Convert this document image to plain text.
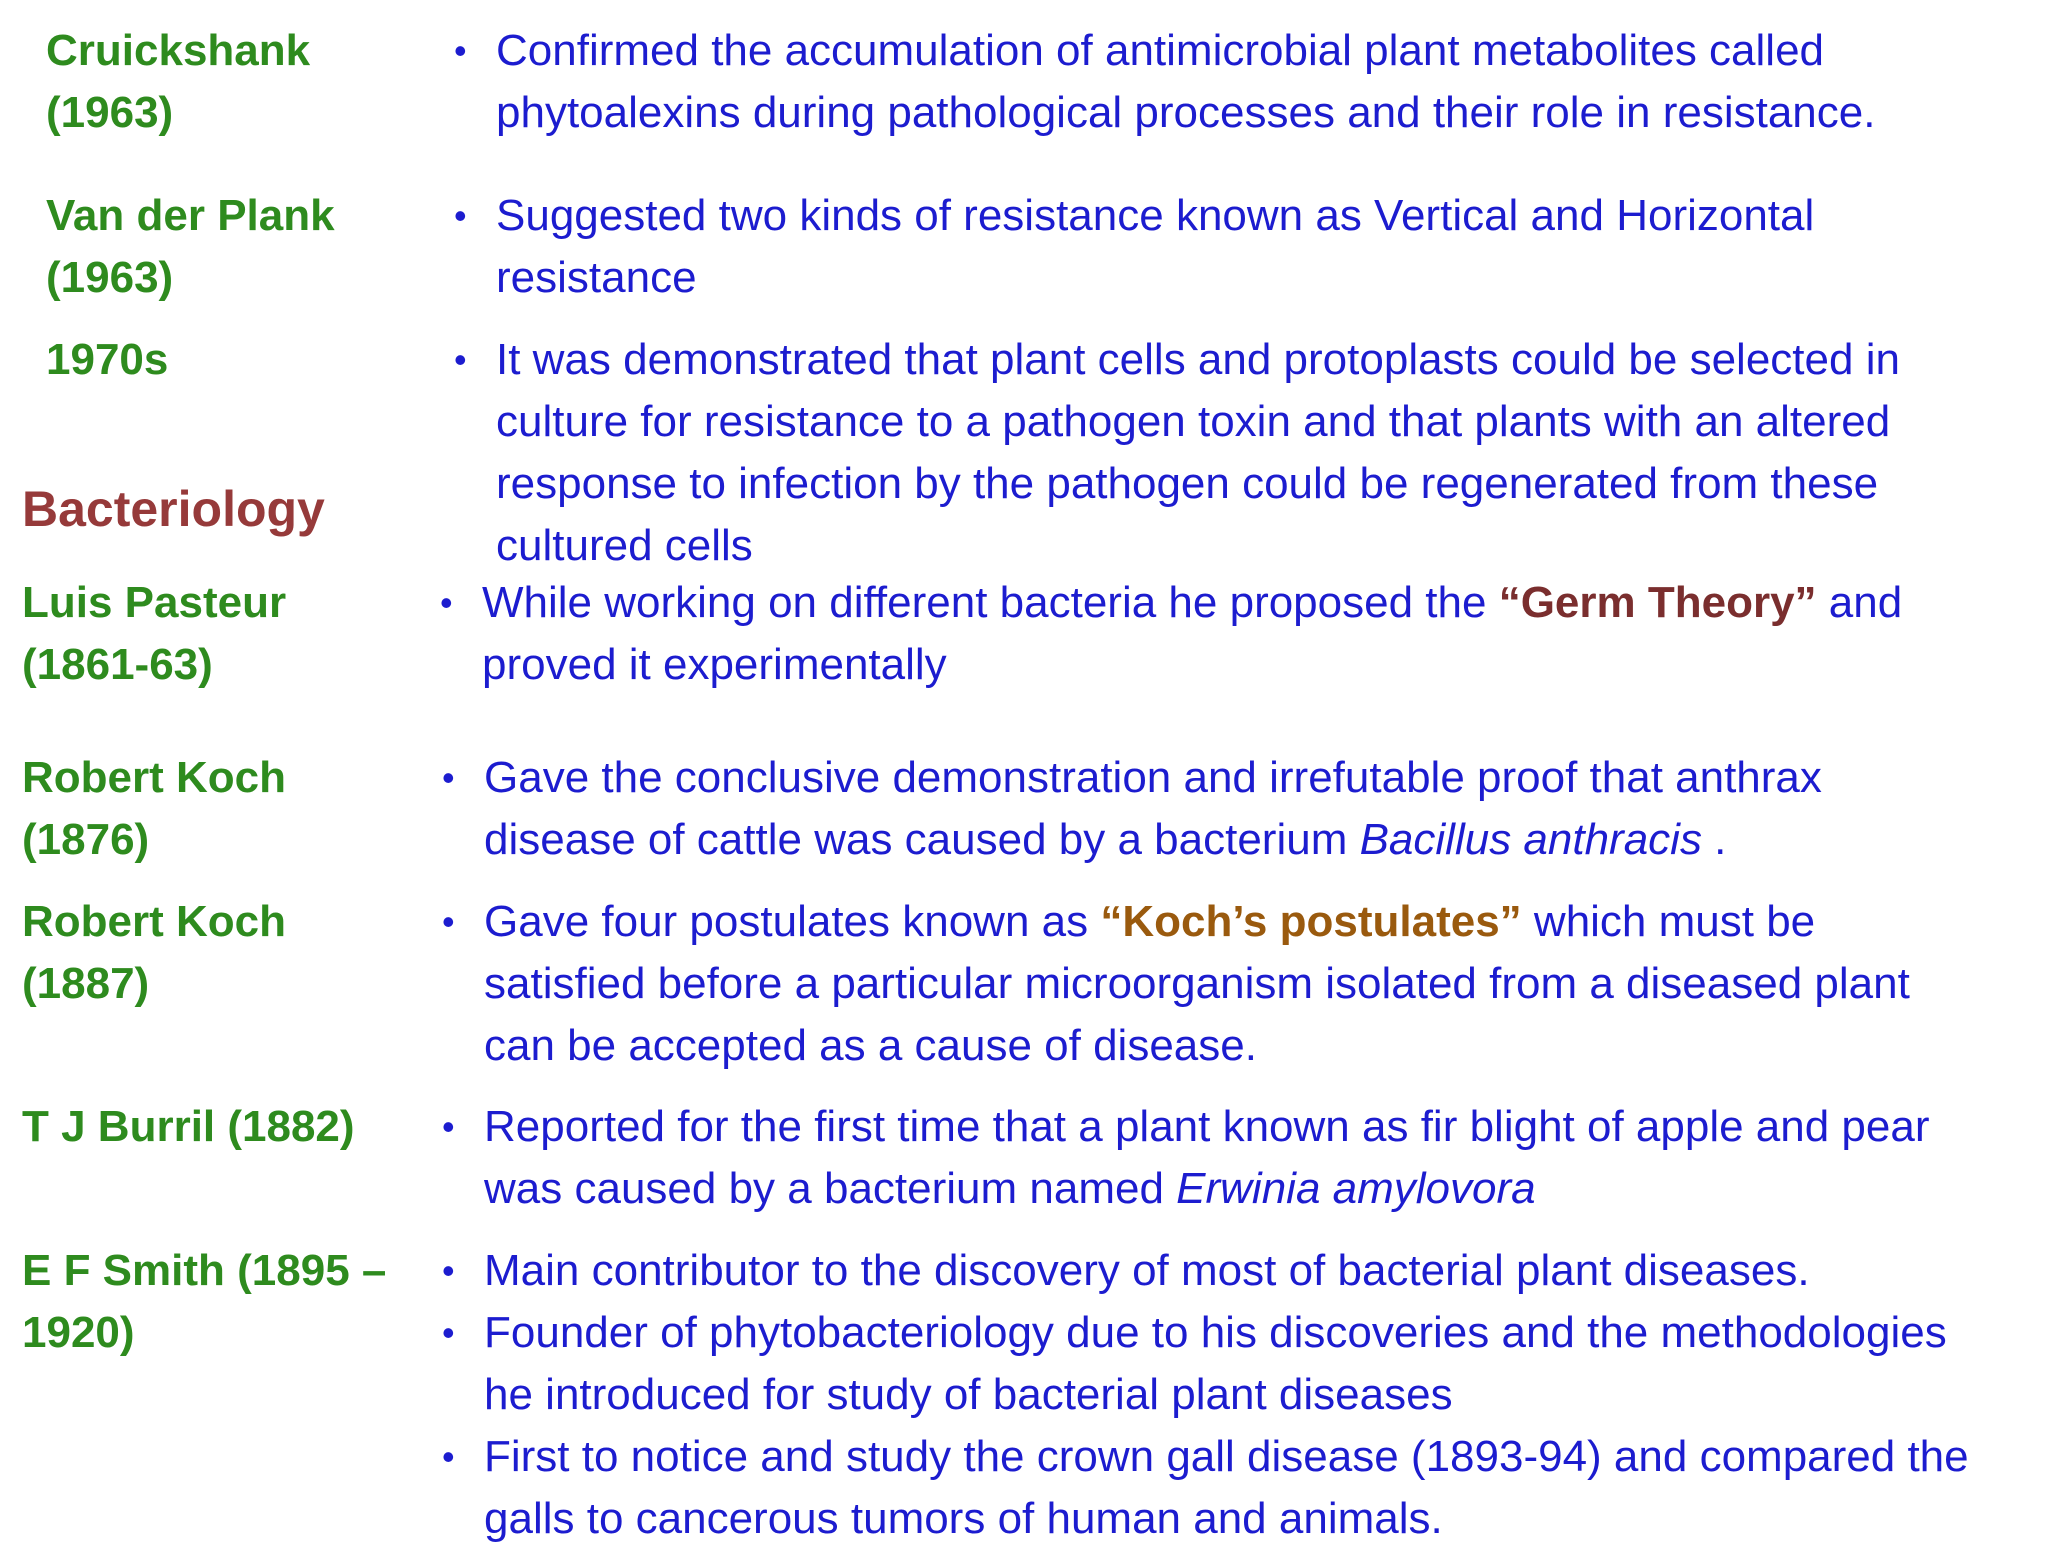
Cruickshank
(1963)
• Confirmed the accumulation of antimicrobial plant metabolites called phytoalexins during pathological processes and their role in resistance.
Van der Plank
(1963)
• Suggested two kinds of resistance known as Vertical and Horizontal resistance
1970s	• It was demonstrated that plant cells and protoplasts could be selected in culture for resistance to a pathogen toxin and that plants with an altered response to infection by the pathogen could be regenerated from these cultured cells
Bacteriology
Luis Pasteur
(1861-63)
• While working on different bacteria he proposed the “Germ Theory” and proved it experimentally
Robert Koch
(1876)
• Gave the conclusive demonstration and irrefutable proof that anthrax disease of cattle was caused by a bacterium Bacillus anthracis .
Robert Koch
(1887)
• Gave four postulates known as “Koch’s postulates” which must be satisfied before a particular microorganism isolated from a diseased plant can be accepted as a cause of disease.
T J Burril (1882) • Reported for the first time that a plant known as fir blight of apple and pear was caused by a bacterium named Erwinia amylovora
E F Smith (1895 –
1920)
• Main contributor to the discovery of most of bacterial plant diseases.
• Founder of phytobacteriology due to his discoveries and the methodologies he introduced for study of bacterial plant diseases
• First to notice and study the crown gall disease (1893-94) and compared the galls to cancerous tumors of human and animals.
